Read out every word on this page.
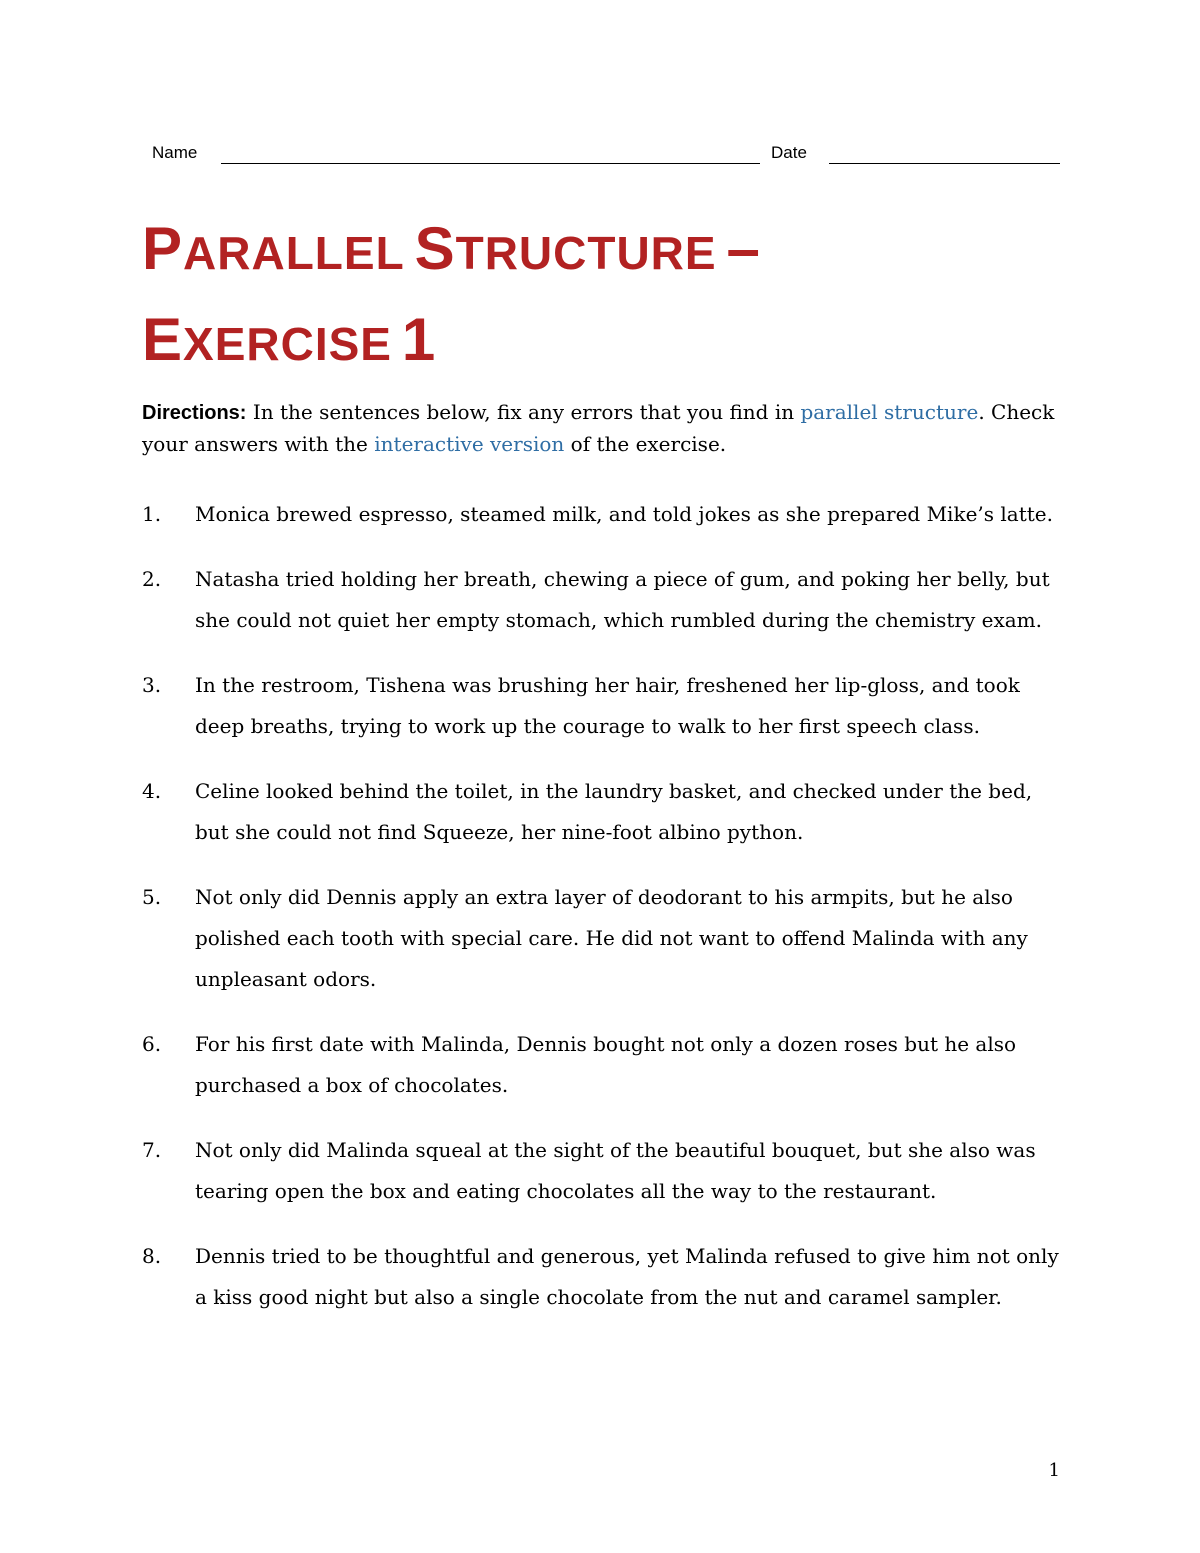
Name	Date
PARALLEL STRUCTURE –
EXERCISE 1

Directions: In the sentences below, fix any errors that you find in parallel structure. Check your answers with the interactive version of the exercise.

1. Monica brewed espresso, steamed milk, and told jokes as she prepared Mike’s latte.
2. Natasha tried holding her breath, chewing a piece of gum, and poking her belly, but she could not quiet her empty stomach, which rumbled during the chemistry exam.
3. In the restroom, Tishena was brushing her hair, freshened her lip-gloss, and took deep breaths, trying to work up the courage to walk to her first speech class.
4. Celine looked behind the toilet, in the laundry basket, and checked under the bed, but she could not find Squeeze, her nine-foot albino python.
5. Not only did Dennis apply an extra layer of deodorant to his armpits, but he also polished each tooth with special care. He did not want to offend Malinda with any unpleasant odors.
6. For his first date with Malinda, Dennis bought not only a dozen roses but he also purchased a box of chocolates.
7. Not only did Malinda squeal at the sight of the beautiful bouquet, but she also was tearing open the box and eating chocolates all the way to the restaurant.
8. Dennis tried to be thoughtful and generous, yet Malinda refused to give him not only a kiss good night but also a single chocolate from the nut and caramel sampler.
1
